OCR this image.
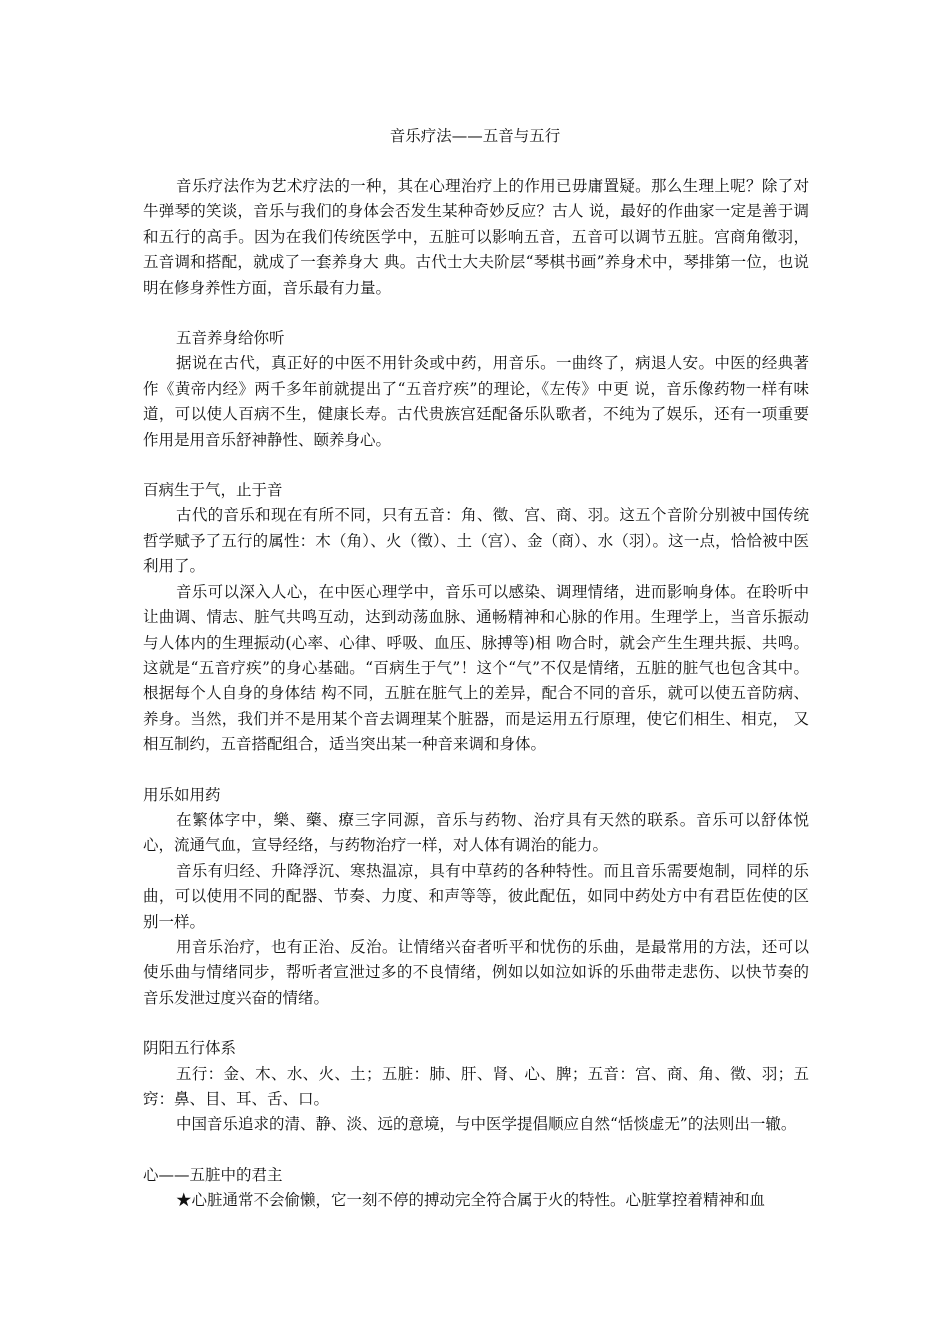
音乐疗法——五音与五行

音乐疗法作为艺术疗法的一种，其在心理治疗上的作用已毋庸置疑。那么生理上呢？除了对牛弹琴的笑谈，音乐与我们的身体会否发生某种奇妙反应？古人 说，最好的作曲家一定是善于调和五行的高手。因为在我们传统医学中，五脏可以影响五音，五音可以调节五脏。宫商角徵羽，五音调和搭配，就成了一套养身大 典。古代士大夫阶层“琴棋书画”养身术中，琴排第一位，也说明在修身养性方面，音乐最有力量。

五音养身给你听

据说在古代，真正好的中医不用针灸或中药，用音乐。一曲终了，病退人安。中医的经典著作《黄帝内经》两千多年前就提出了“五音疗疾”的理论，《左传》中更 说，音乐像药物一样有味道，可以使人百病不生，健康长寿。古代贵族宫廷配备乐队歌者，不纯为了娱乐，还有一项重要作用是用音乐舒神静性、颐养身心。

百病生于气，止于音

古代的音乐和现在有所不同，只有五音：角、徵、宫、商、羽。这五个音阶分别被中国传统哲学赋予了五行的属性：木（角）、火（徵）、土（宫）、金（商）、水（羽）。这一点，恰恰被中医利用了。

音乐可以深入人心，在中医心理学中，音乐可以感染、调理情绪，进而影响身体。在聆听中让曲调、情志、脏气共鸣互动，达到动荡血脉、通畅精神和心脉的作用。生理学上，当音乐振动与人体内的生理振动(心率、心律、呼吸、血压、脉搏等)相 吻合时，就会产生生理共振、共鸣。这就是“五音疗疾”的身心基础。“百病生于气”！这个“气”不仅是情绪，五脏的脏气也包含其中。根据每个人自身的身体结 构不同，五脏在脏气上的差异，配合不同的音乐，就可以使五音防病、养身。当然，我们并不是用某个音去调理某个脏器，而是运用五行原理，使它们相生、相克， 又相互制约，五音搭配组合，适当突出某一种音来调和身体。

用乐如用药

在繁体字中，樂、藥、療三字同源，音乐与药物、治疗具有天然的联系。音乐可以舒体悦心，流通气血，宣导经络，与药物治疗一样，对人体有调治的能力。

音乐有归经、升降浮沉、寒热温凉，具有中草药的各种特性。而且音乐需要炮制，同样的乐曲，可以使用不同的配器、节奏、力度、和声等等，彼此配伍，如同中药处方中有君臣佐使的区别一样。

用音乐治疗，也有正治、反治。让情绪兴奋者听平和忧伤的乐曲，是最常用的方法，还可以使乐曲与情绪同步，帮听者宣泄过多的不良情绪，例如以如泣如诉的乐曲带走悲伤、以快节奏的音乐发泄过度兴奋的情绪。

阴阳五行体系

五行：金、木、水、火、土；五脏：肺、肝、肾、心、脾；五音：宫、商、角、徵、羽；五窍：鼻、目、耳、舌、口。

中国音乐追求的清、静、淡、远的意境，与中医学提倡顺应自然“恬惔虚无”的法则出一辙。

心——五脏中的君主

★心脏通常不会偷懒，它一刻不停的搏动完全符合属于火的特性。心脏掌控着精神和血
